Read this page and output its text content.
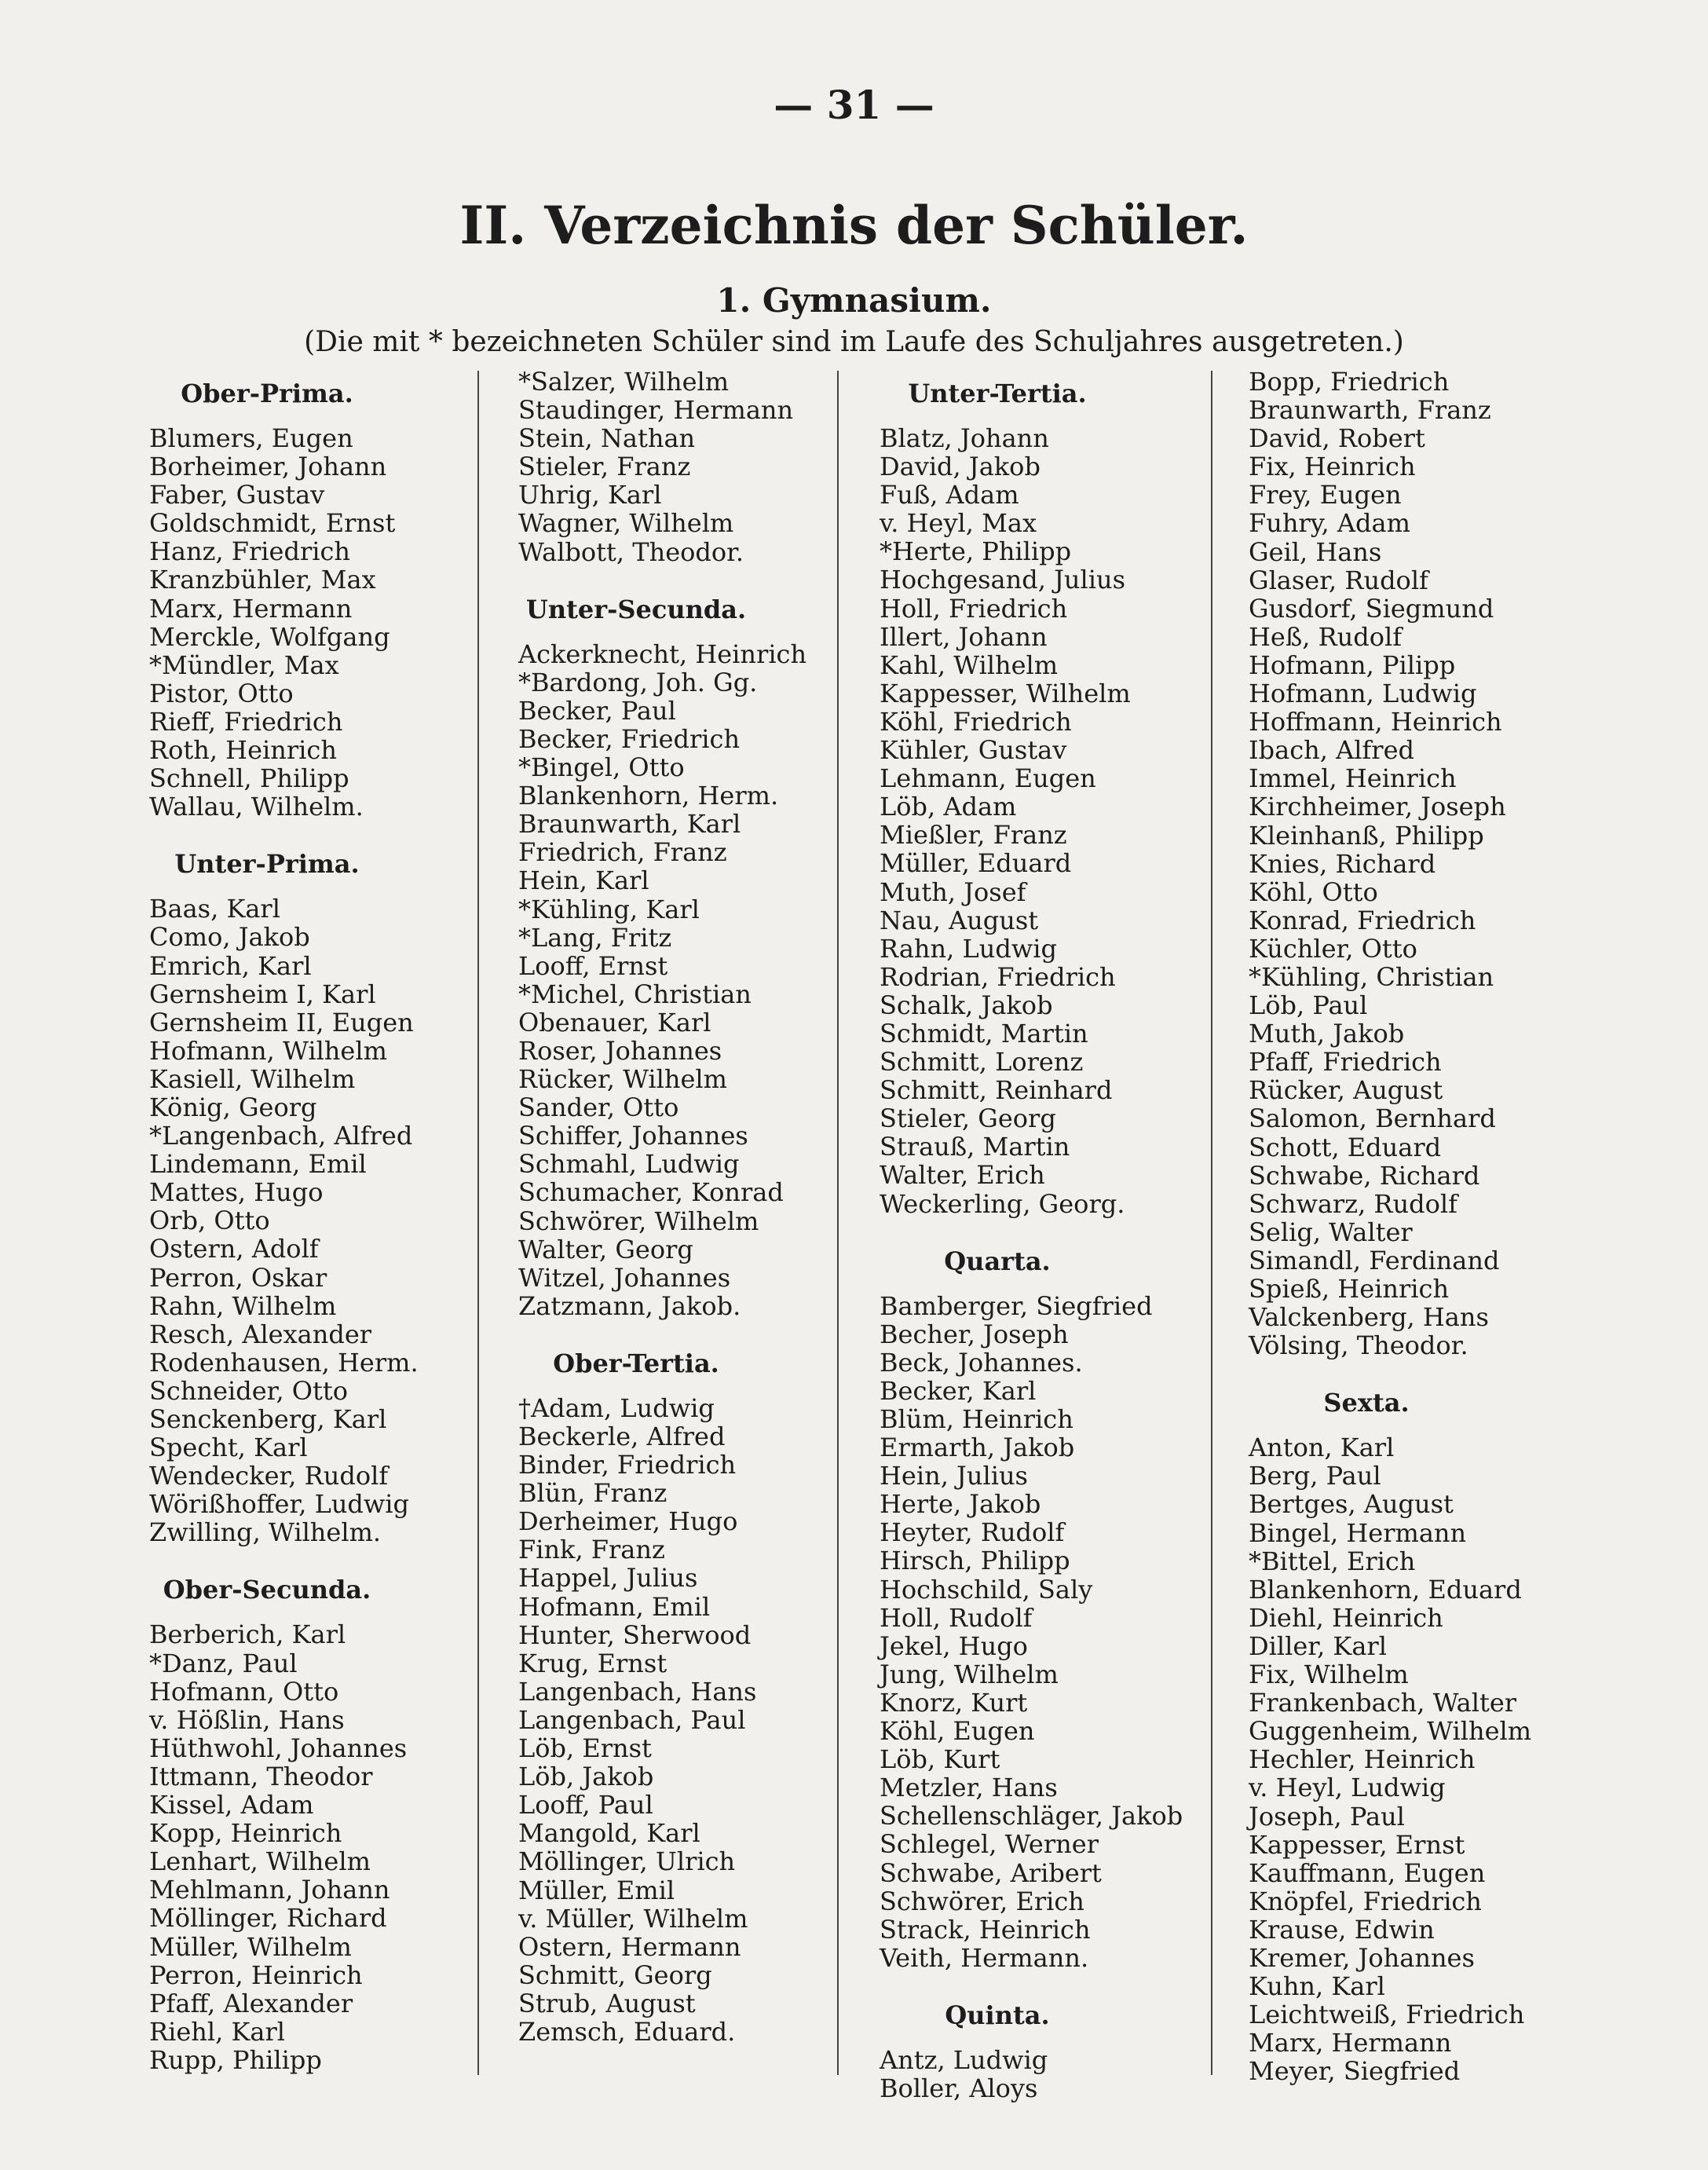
— 31 —
II. Verzeichnis der Schüler.
1. Gymnasium.
(Die mit * bezeichneten Schüler sind im Laufe des Schuljahres ausgetreten.)
Ober-Prima.
Blumers, Eugen
Borheimer, Johann
Faber, Gustav
Goldschmidt, Ernst
Hanz, Friedrich
Kranzbühler, Max
Marx, Hermann
Merckle, Wolfgang
*Mündler, Max
Pistor, Otto
Rieff, Friedrich
Roth, Heinrich
Schnell, Philipp
Wallau, Wilhelm.
Unter-Prima.
Baas, Karl
Como, Jakob
Emrich, Karl
Gernsheim I, Karl
Gernsheim II, Eugen
Hofmann, Wilhelm
Kasiell, Wilhelm
König, Georg
*Langenbach, Alfred
Lindemann, Emil
Mattes, Hugo
Orb, Otto
Ostern, Adolf
Perron, Oskar
Rahn, Wilhelm
Resch, Alexander
Rodenhausen, Herm.
Schneider, Otto
Senckenberg, Karl
Specht, Karl
Wendecker, Rudolf
Wörißhoffer, Ludwig
Zwilling, Wilhelm.
Ober-Secunda.
Berberich, Karl
*Danz, Paul
Hofmann, Otto
v. Hößlin, Hans
Hüthwohl, Johannes
Ittmann, Theodor
Kissel, Adam
Kopp, Heinrich
Lenhart, Wilhelm
Mehlmann, Johann
Möllinger, Richard
Müller, Wilhelm
Perron, Heinrich
Pfaff, Alexander
Riehl, Karl
Rupp, Philipp
*Salzer, Wilhelm
Staudinger, Hermann
Stein, Nathan
Stieler, Franz
Uhrig, Karl
Wagner, Wilhelm
Walbott, Theodor.
Unter-Secunda.
Ackerknecht, Heinrich
*Bardong, Joh. Gg.
Becker, Paul
Becker, Friedrich
*Bingel, Otto
Blankenhorn, Herm.
Braunwarth, Karl
Friedrich, Franz
Hein, Karl
*Kühling, Karl
*Lang, Fritz
Looff, Ernst
*Michel, Christian
Obenauer, Karl
Roser, Johannes
Rücker, Wilhelm
Sander, Otto
Schiffer, Johannes
Schmahl, Ludwig
Schumacher, Konrad
Schwörer, Wilhelm
Walter, Georg
Witzel, Johannes
Zatzmann, Jakob.
Ober-Tertia.
†Adam, Ludwig
Beckerle, Alfred
Binder, Friedrich
Blün, Franz
Derheimer, Hugo
Fink, Franz
Happel, Julius
Hofmann, Emil
Hunter, Sherwood
Krug, Ernst
Langenbach, Hans
Langenbach, Paul
Löb, Ernst
Löb, Jakob
Looff, Paul
Mangold, Karl
Möllinger, Ulrich
Müller, Emil
v. Müller, Wilhelm
Ostern, Hermann
Schmitt, Georg
Strub, August
Zemsch, Eduard.
Unter-Tertia.
Blatz, Johann
David, Jakob
Fuß, Adam
v. Heyl, Max
*Herte, Philipp
Hochgesand, Julius
Holl, Friedrich
Illert, Johann
Kahl, Wilhelm
Kappesser, Wilhelm
Köhl, Friedrich
Kühler, Gustav
Lehmann, Eugen
Löb, Adam
Mießler, Franz
Müller, Eduard
Muth, Josef
Nau, August
Rahn, Ludwig
Rodrian, Friedrich
Schalk, Jakob
Schmidt, Martin
Schmitt, Lorenz
Schmitt, Reinhard
Stieler, Georg
Strauß, Martin
Walter, Erich
Weckerling, Georg.
Quarta.
Bamberger, Siegfried
Becher, Joseph
Beck, Johannes.
Becker, Karl
Blüm, Heinrich
Ermarth, Jakob
Hein, Julius
Herte, Jakob
Heyter, Rudolf
Hirsch, Philipp
Hochschild, Saly
Holl, Rudolf
Jekel, Hugo
Jung, Wilhelm
Knorz, Kurt
Köhl, Eugen
Löb, Kurt
Metzler, Hans
Schellenschläger, Jakob
Schlegel, Werner
Schwabe, Aribert
Schwörer, Erich
Strack, Heinrich
Veith, Hermann.
Quinta.
Antz, Ludwig
Boller, Aloys
Bopp, Friedrich
Braunwarth, Franz
David, Robert
Fix, Heinrich
Frey, Eugen
Fuhry, Adam
Geil, Hans
Glaser, Rudolf
Gusdorf, Siegmund
Heß, Rudolf
Hofmann, Pilipp
Hofmann, Ludwig
Hoffmann, Heinrich
Ibach, Alfred
Immel, Heinrich
Kirchheimer, Joseph
Kleinhanß, Philipp
Knies, Richard
Köhl, Otto
Konrad, Friedrich
Küchler, Otto
*Kühling, Christian
Löb, Paul
Muth, Jakob
Pfaff, Friedrich
Rücker, August
Salomon, Bernhard
Schott, Eduard
Schwabe, Richard
Schwarz, Rudolf
Selig, Walter
Simandl, Ferdinand
Spieß, Heinrich
Valckenberg, Hans
Völsing, Theodor.
Sexta.
Anton, Karl
Berg, Paul
Bertges, August
Bingel, Hermann
*Bittel, Erich
Blankenhorn, Eduard
Diehl, Heinrich
Diller, Karl
Fix, Wilhelm
Frankenbach, Walter
Guggenheim, Wilhelm
Hechler, Heinrich
v. Heyl, Ludwig
Joseph, Paul
Kappesser, Ernst
Kauffmann, Eugen
Knöpfel, Friedrich
Krause, Edwin
Kremer, Johannes
Kuhn, Karl
Leichtweiß, Friedrich
Marx, Hermann
Meyer, Siegfried
